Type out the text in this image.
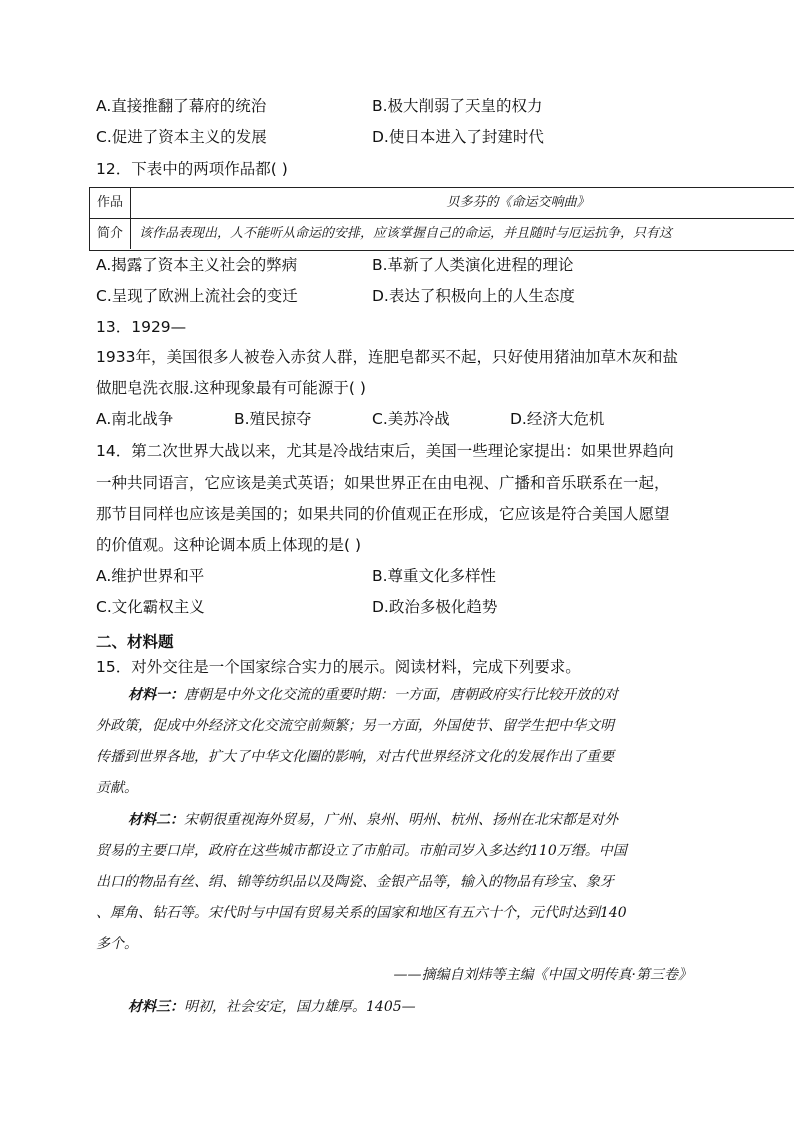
A.直接推翻了幕府的统治	B.极大削弱了天皇的权力
C.促进了资本主义的发展	D.使日本进入了封建时代
12．下表中的两项作品都( )
作品	贝多芬的《命运交响曲》
简介	该作品表现出，人不能听从命运的安排，应该掌握自己的命运，并且随时与厄运抗争，只有这
A.揭露了资本主义社会的弊病	B.革新了人类演化进程的理论
C.呈现了欧洲上流社会的变迁	D.表达了积极向上的人生态度
13．1929—
1933年，美国很多人被卷入赤贫人群，连肥皂都买不起，只好使用猪油加草木灰和盐
做肥皂洗衣服.这种现象最有可能源于( )
A.南北战争	B.殖民掠夺	C.美苏冷战	D.经济大危机
14．第二次世界大战以来，尤其是冷战结束后，美国一些理论家提出：如果世界趋向
一种共同语言，它应该是美式英语；如果世界正在由电视、广播和音乐联系在一起，
那节目同样也应该是美国的；如果共同的价值观正在形成，它应该是符合美国人愿望
的价值观。这种论调本质上体现的是( )
A.维护世界和平	B.尊重文化多样性
C.文化霸权主义	D.政治多极化趋势
二、材料题
15．对外交往是一个国家综合实力的展示。阅读材料，完成下列要求。
材料一：唐朝是中外文化交流的重要时期：一方面，唐朝政府实行比较开放的对
外政策，促成中外经济文化交流空前频繁；另一方面，外国使节、留学生把中华文明
传播到世界各地，扩大了中华文化圈的影响，对古代世界经济文化的发展作出了重要
贡献。
材料二：宋朝很重视海外贸易，广州、泉州、明州、杭州、扬州在北宋都是对外
贸易的主要口岸，政府在这些城市都设立了市舶司。市舶司岁入多达约110万缗。中国
出口的物品有丝、绢、锦等纺织品以及陶瓷、金银产品等，输入的物品有珍宝、象牙
、犀角、钻石等。宋代时与中国有贸易关系的国家和地区有五六十个，元代时达到140
多个。
——摘编自刘炜等主编《中国文明传真·第三卷》
材料三：明初，社会安定，国力雄厚。1405—
